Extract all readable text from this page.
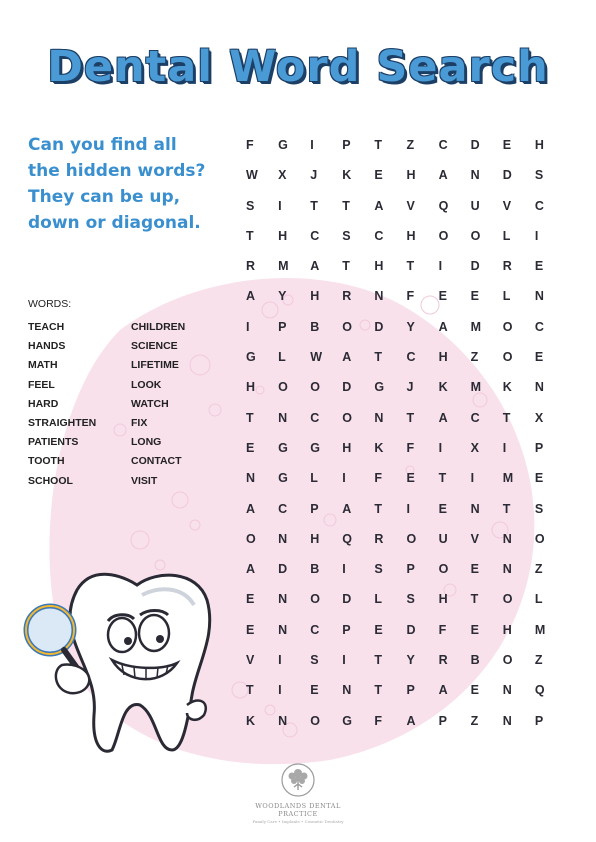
Dental Word Search
Can you find all
the hidden words?
They can be up,
down or diagonal.
WORDS:
TEACH
HANDS
MATH
FEEL
HARD
STRAIGHTEN
PATIENTS
TOOTH
SCHOOL
CHILDREN
SCIENCE
LIFETIME
LOOK
WATCH
FIX
LONG
CONTACT
VISIT
F	G	I	P	T	Z	C	D	E	H
W	X	J	K	E	H	A	N	D	S
S	I	T	T	A	V	Q	U	V	C
T	H	C	S	C	H	O	O	L	I
R	M	A	T	H	T	I	D	R	E
A	Y	H	R	N	F	E	E	L	N
I	P	B	O	D	Y	A	M	O	C
G	L	W	A	T	C	H	Z	O	E
H	O	O	D	G	J	K	M	K	N
T	N	C	O	N	T	A	C	T	X
E	G	G	H	K	F	I	X	I	P
N	G	L	I	F	E	T	I	M	E
A	C	P	A	T	I	E	N	T	S
O	N	H	Q	R	O	U	V	N	O
A	D	B	I	S	P	O	E	N	Z
E	N	O	D	L	S	H	T	O	L
E	N	C	P	E	D	F	E	H	M
V	I	S	I	T	Y	R	B	O	Z
T	I	E	N	T	P	A	E	N	Q
K	N	O	G	F	A	P	Z	N	P
WOODLANDS DENTAL PRACTICE
Family Care • Implants • Cosmetic Dentistry
